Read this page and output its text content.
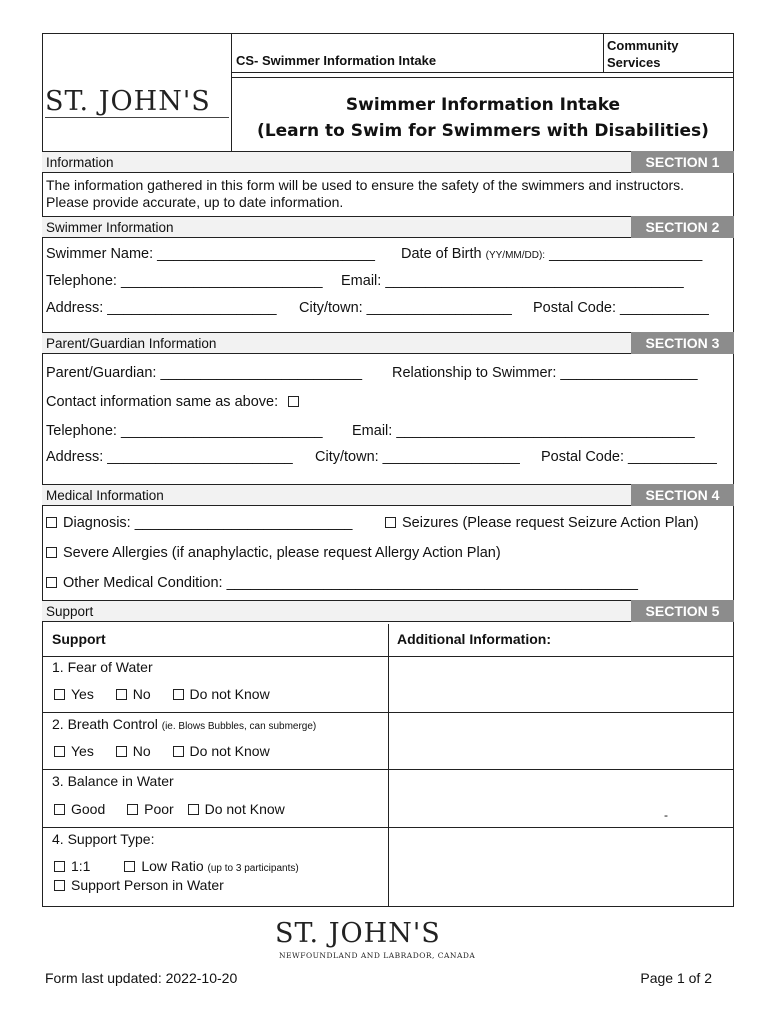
CS- Swimmer Information Intake
Community
Services
ST. JOHN'S	Swimmer Information Intake
(Learn to Swim for Swimmers with Disabilities)
Information	SECTION 1
The information gathered in this form will be used to ensure the safety of the swimmers and instructors. Please provide accurate, up to date information.
Swimmer Information	SECTION 2
Swimmer Name: ___________________________ Date of Birth (YY/MM/DD): ___________________
Telephone: _________________________ Email: _____________________________________
Address: _____________________ City/town: __________________ Postal Code: ___________
Parent/Guardian Information	SECTION 3
Parent/Guardian: _________________________ Relationship to Swimmer: _________________
Contact information same as above:
Telephone: _________________________ Email: _____________________________________
Address: _______________________ City/town: _________________ Postal Code: ___________
Medical Information	SECTION 4
Diagnosis: ___________________________	Seizures (Please request Seizure Action Plan)
Severe Allergies (if anaphylactic, please request Allergy Action Plan)
Other Medical Condition: ___________________________________________________
Support	SECTION 5
Support	Additional Information:
1. Fear of Water
Yes	No	Do not Know
2. Breath Control (ie. Blows Bubbles, can submerge)
Yes	No	Do not Know
3. Balance in Water
Good	Poor Do not Know
4. Support Type:
1:1	Low Ratio (up to 3 participants)
Support Person in Water
-
ST. JOHN'S
NEWFOUNDLAND AND LABRADOR, CANADA
Form last updated: 2022-10-20	Page 1 of 2
